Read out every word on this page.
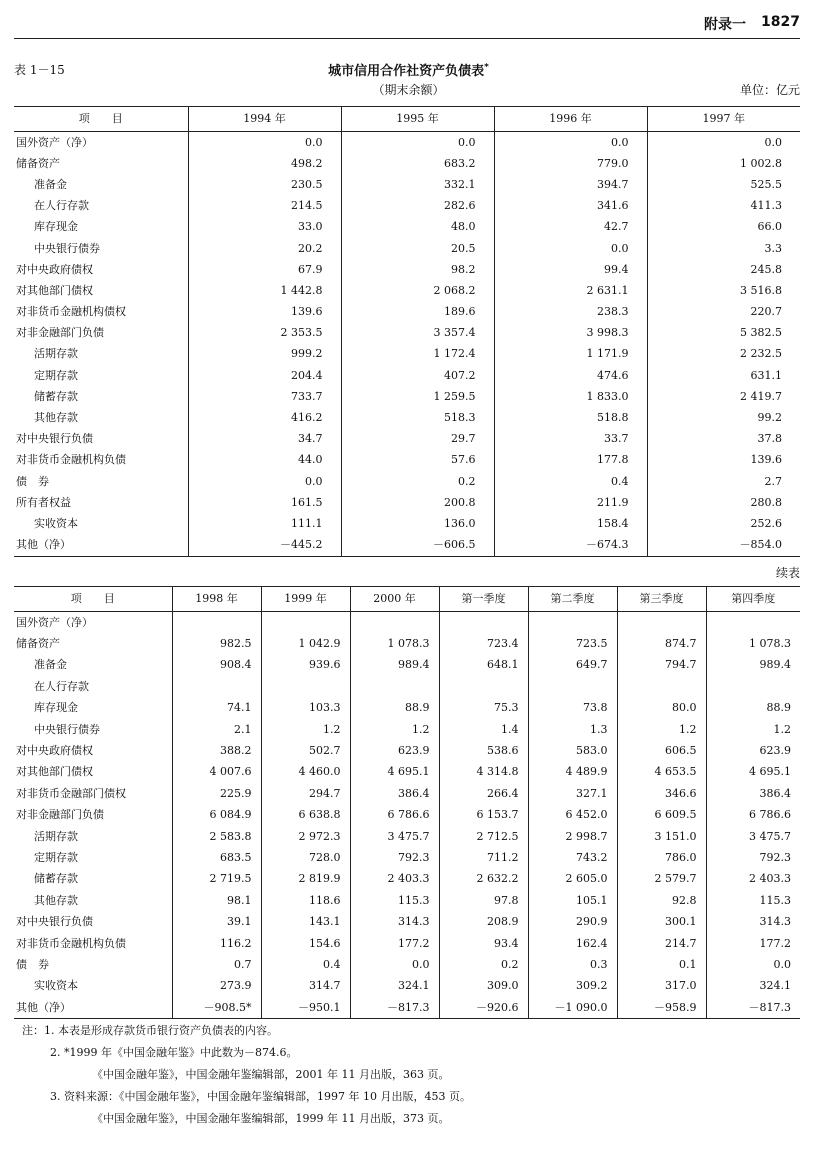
附录一 1827
表 1－15	城市信用合作社资产负债表*
（期末余额）	单位：亿元
项　　目	1994 年	1995 年	1996 年	1997 年
国外资产（净）	0.0	0.0	0.0	0.0
储备资产	498.2	683.2	779.0	1 002.8
准备金	230.5	332.1	394.7	525.5
在人行存款	214.5	282.6	341.6	411.3
库存现金	33.0	48.0	42.7	66.0
中央银行债券	20.2	20.5	0.0	3.3
对中央政府债权	67.9	98.2	99.4	245.8
对其他部门债权	1 442.8	2 068.2	2 631.1	3 516.8
对非货币金融机构债权	139.6	189.6	238.3	220.7
对非金融部门负债	2 353.5	3 357.4	3 998.3	5 382.5
活期存款	999.2	1 172.4	1 171.9	2 232.5
定期存款	204.4	407.2	474.6	631.1
储蓄存款	733.7	1 259.5	1 833.0	2 419.7
其他存款	416.2	518.3	518.8	99.2
对中央银行负债	34.7	29.7	33.7	37.8
对非货币金融机构负债	44.0	57.6	177.8	139.6
债　券	0.0	0.2	0.4	2.7
所有者权益	161.5	200.8	211.9	280.8
实收资本	111.1	136.0	158.4	252.6
其他（净）	－445.2	－606.5	－674.3	－854.0
续表
项　　目	1998 年	1999 年	2000 年	第一季度	第二季度	第三季度	第四季度
国外资产（净）							
储备资产	982.5	1 042.9	1 078.3	723.4	723.5	874.7	1 078.3
准备金	908.4	939.6	989.4	648.1	649.7	794.7	989.4
在人行存款							
库存现金	74.1	103.3	88.9	75.3	73.8	80.0	88.9
中央银行债券	2.1	1.2	1.2	1.4	1.3	1.2	1.2
对中央政府债权	388.2	502.7	623.9	538.6	583.0	606.5	623.9
对其他部门债权	4 007.6	4 460.0	4 695.1	4 314.8	4 489.9	4 653.5	4 695.1
对非货币金融部门债权	225.9	294.7	386.4	266.4	327.1	346.6	386.4
对非金融部门负债	6 084.9	6 638.8	6 786.6	6 153.7	6 452.0	6 609.5	6 786.6
活期存款	2 583.8	2 972.3	3 475.7	2 712.5	2 998.7	3 151.0	3 475.7
定期存款	683.5	728.0	792.3	711.2	743.2	786.0	792.3
储蓄存款	2 719.5	2 819.9	2 403.3	2 632.2	2 605.0	2 579.7	2 403.3
其他存款	98.1	118.6	115.3	97.8	105.1	92.8	115.3
对中央银行负债	39.1	143.1	314.3	208.9	290.9	300.1	314.3
对非货币金融机构负债	116.2	154.6	177.2	93.4	162.4	214.7	177.2
债　券	0.7	0.4	0.0	0.2	0.3	0.1	0.0
实收资本	273.9	314.7	324.1	309.0	309.2	317.0	324.1
其他（净）	－908.5*	－950.1	－817.3	－920.6	－1 090.0	－958.9	－817.3
注：1. 本表是形成存款货币银行资产负债表的内容。
2. *1999 年《中国金融年鉴》中此数为－874.6。
《中国金融年鉴》，中国金融年鉴编辑部，2001 年 11 月出版，363 页。
3. 资料来源：《中国金融年鉴》，中国金融年鉴编辑部，1997 年 10 月出版，453 页。
《中国金融年鉴》，中国金融年鉴编辑部，1999 年 11 月出版，373 页。
